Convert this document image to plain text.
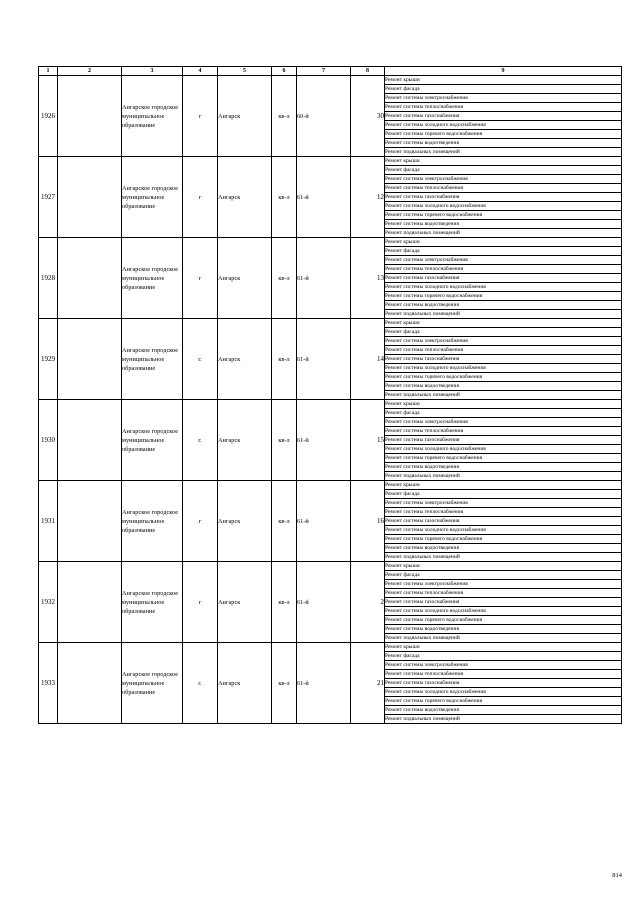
1	2	3	4	5	6	7	8	9
1926		Ангарское городское муниципальное образование	г	Ангарск	кв-л	60-й	30	Ремонт крыши
								Ремонт фасада
								Ремонт системы электроснабжения
								Ремонт системы теплоснабжения
								Ремонт системы газоснабжения
								Ремонт системы холодного водоснабжения
								Ремонт системы горячего водоснабжения
								Ремонт системы водоотведения
								Ремонт подвальных помещений
1927		Ангарское городское муниципальное образование	г	Ангарск	кв-л	61-й	12	Ремонт крыши
								Ремонт фасада
								Ремонт системы электроснабжения
								Ремонт системы теплоснабжения
								Ремонт системы газоснабжения
								Ремонт системы холодного водоснабжения
								Ремонт системы горячего водоснабжения
								Ремонт системы водоотведения
								Ремонт подвальных помещений
1928		Ангарское городское муниципальное образование	г	Ангарск	кв-л	61-й	13	Ремонт крыши
								Ремонт фасада
								Ремонт системы электроснабжения
								Ремонт системы теплоснабжения
								Ремонт системы газоснабжения
								Ремонт системы холодного водоснабжения
								Ремонт системы горячего водоснабжения
								Ремонт системы водоотведения
								Ремонт подвальных помещений
1929		Ангарское городское муниципальное образование	г.	Ангарск	кв-л	61-й	14	Ремонт крыши
								Ремонт фасада
								Ремонт системы электроснабжения
								Ремонт системы теплоснабжения
								Ремонт системы газоснабжения
								Ремонт системы холодного водоснабжения
								Ремонт системы горячего водоснабжения
								Ремонт системы водоотведения
								Ремонт подвальных помещений
1930		Ангарское городское муниципальное образование	г.	Ангарск	кв-л	61-й	15	Ремонт крыши
								Ремонт фасада
								Ремонт системы электроснабжения
								Ремонт системы теплоснабжения
								Ремонт системы газоснабжения
								Ремонт системы холодного водоснабжения
								Ремонт системы горячего водоснабжения
								Ремонт системы водоотведения
								Ремонт подвальных помещений
1931		Ангарское городское муниципальное образование	г	Ангарск	кв-л	61-й	16	Ремонт крыши
								Ремонт фасада
								Ремонт системы электроснабжения
								Ремонт системы теплоснабжения
								Ремонт системы газоснабжения
								Ремонт системы холодного водоснабжения
								Ремонт системы горячего водоснабжения
								Ремонт системы водоотведения
								Ремонт подвальных помещений
1932		Ангарское городское муниципальное образование	г	Ангарск	кв-л	61-й	2	Ремонт крыши
								Ремонт фасада
								Ремонт системы электроснабжения
								Ремонт системы теплоснабжения
								Ремонт системы газоснабжения
								Ремонт системы холодного водоснабжения
								Ремонт системы горячего водоснабжения
								Ремонт системы водоотведения
								Ремонт подвальных помещений
1933		Ангарское городское муниципальное образование	г.	Ангарск	кв-л	61-й	21	Ремонт крыши
								Ремонт фасада
								Ремонт системы электроснабжения
								Ремонт системы теплоснабжения
								Ремонт системы газоснабжения
								Ремонт системы холодного водоснабжения
								Ремонт системы горячего водоснабжения
								Ремонт системы водоотведения
								Ремонт подвальных помещений
814
